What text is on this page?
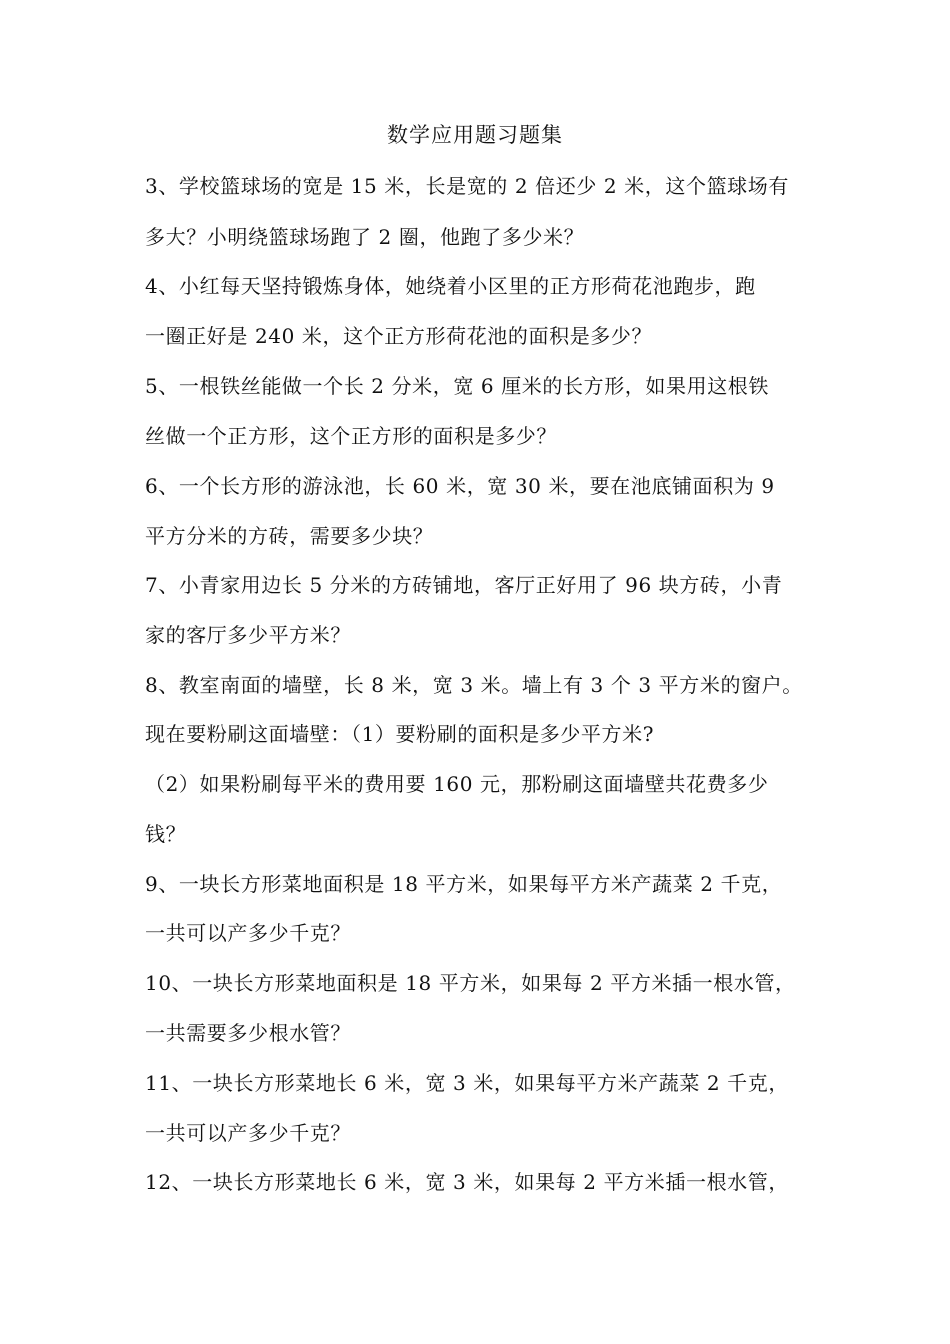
数学应用题习题集
3、学校篮球场的宽是 15 米，长是宽的 2 倍还少 2 米，这个篮球场有
多大？小明绕篮球场跑了 2 圈，他跑了多少米？
4、小红每天坚持锻炼身体，她绕着小区里的正方形荷花池跑步，跑
一圈正好是 240 米，这个正方形荷花池的面积是多少？
5、一根铁丝能做一个长 2 分米，宽 6 厘米的长方形，如果用这根铁
丝做一个正方形，这个正方形的面积是多少？
6、一个长方形的游泳池，长 60 米，宽 30 米，要在池底铺面积为 9
平方分米的方砖，需要多少块？
7、小青家用边长 5 分米的方砖铺地，客厅正好用了 96 块方砖，小青
家的客厅多少平方米？
8、教室南面的墙壁，长 8 米，宽 3 米。墙上有 3 个 3 平方米的窗户。
现在要粉刷这面墙壁：（1）要粉刷的面积是多少平方米?
（2）如果粉刷每平米的费用要 160 元，那粉刷这面墙壁共花费多少
钱？
9、一块长方形菜地面积是 18 平方米，如果每平方米产蔬菜 2 千克，
一共可以产多少千克？
10、一块长方形菜地面积是 18 平方米，如果每 2 平方米插一根水管，
一共需要多少根水管？
11、一块长方形菜地长 6 米，宽 3 米，如果每平方米产蔬菜 2 千克，
一共可以产多少千克？
12、一块长方形菜地长 6 米，宽 3 米，如果每 2 平方米插一根水管，
